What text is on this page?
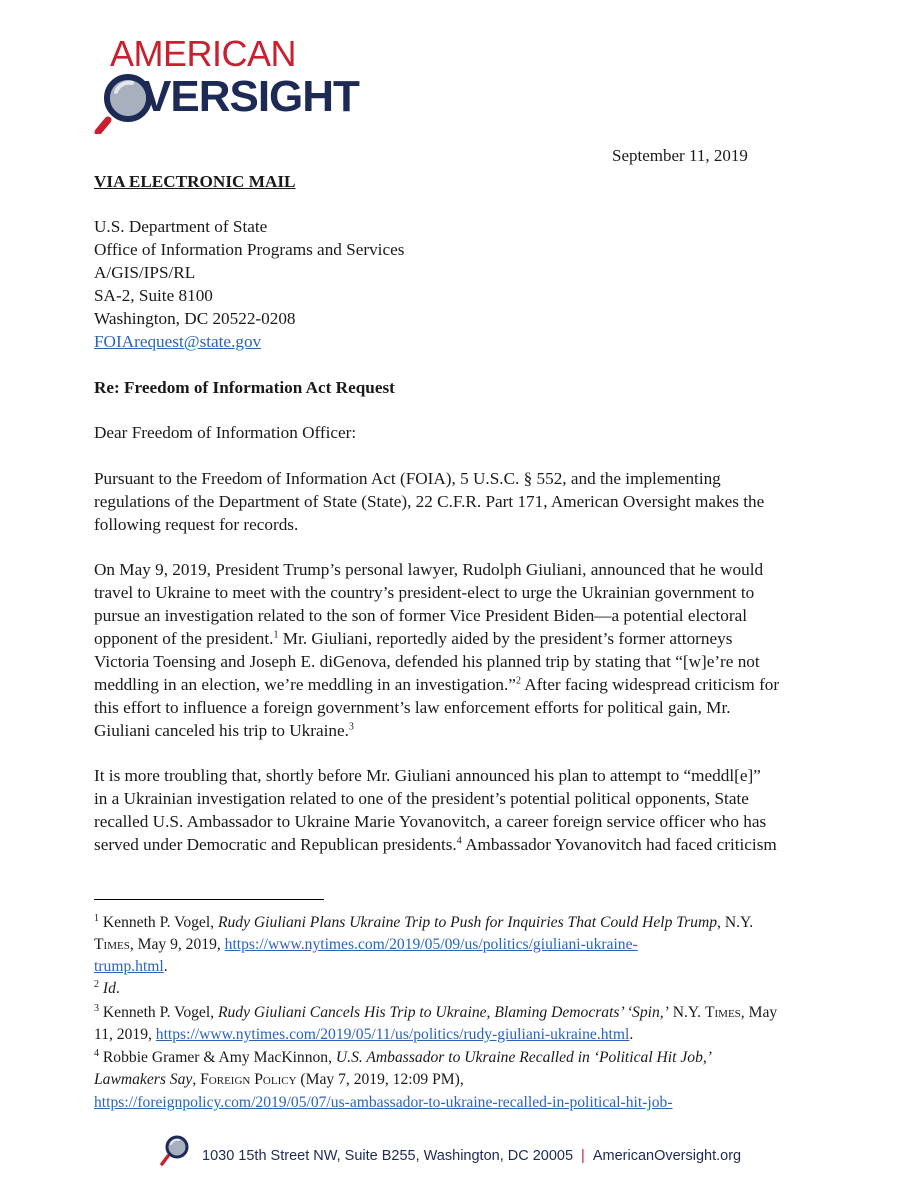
AMERICAN
VERSIGHT
September 11, 2019
VIA ELECTRONIC MAIL
U.S. Department of State
Office of Information Programs and Services
A/GIS/IPS/RL
SA-2, Suite 8100
Washington, DC 20522-0208
FOIArequest@state.gov
Re: Freedom of Information Act Request
Dear Freedom of Information Officer:
Pursuant to the Freedom of Information Act (FOIA), 5 U.S.C. § 552, and the implementing
regulations of the Department of State (State), 22 C.F.R. Part 171, American Oversight makes the
following request for records.
On May 9, 2019, President Trump’s personal lawyer, Rudolph Giuliani, announced that he would
travel to Ukraine to meet with the country’s president-elect to urge the Ukrainian government to
pursue an investigation related to the son of former Vice President Biden—a potential electoral
opponent of the president.$^1$ Mr. Giuliani, reportedly aided by the president’s former attorneys
Victoria Toensing and Joseph E. diGenova, defended his planned trip by stating that “[w]e’re not
meddling in an election, we’re meddling in an investigation.”$^2$ After facing widespread criticism for
this effort to influence a foreign government’s law enforcement efforts for political gain, Mr.
Giuliani canceled his trip to Ukraine.$^3$
It is more troubling that, shortly before Mr. Giuliani announced his plan to attempt to “meddl[e]”
in a Ukrainian investigation related to one of the president’s potential political opponents, State
recalled U.S. Ambassador to Ukraine Marie Yovanovitch, a career foreign service officer who has
served under Democratic and Republican presidents.$^4$ Ambassador Yovanovitch had faced criticism
$^1$ Kenneth P. Vogel, Rudy Giuliani Plans Ukraine Trip to Push for Inquiries That Could Help Trump, N.Y.
Times, May 9, 2019, https://www.nytimes.com/2019/05/09/us/politics/giuliani-ukraine-
trump.html.
$^2$ Id.
$^3$ Kenneth P. Vogel, Rudy Giuliani Cancels His Trip to Ukraine, Blaming Democrats’ ‘Spin,’ N.Y. Times, May
11, 2019, https://www.nytimes.com/2019/05/11/us/politics/rudy-giuliani-ukraine.html.
$^4$ Robbie Gramer & Amy MacKinnon, U.S. Ambassador to Ukraine Recalled in ‘Political Hit Job,’
Lawmakers Say, Foreign Policy (May 7, 2019, 12:09 PM),
https://foreignpolicy.com/2019/05/07/us-ambassador-to-ukraine-recalled-in-political-hit-job-
1030 15th Street NW, Suite B255, Washington, DC 20005 | AmericanOversight.org
